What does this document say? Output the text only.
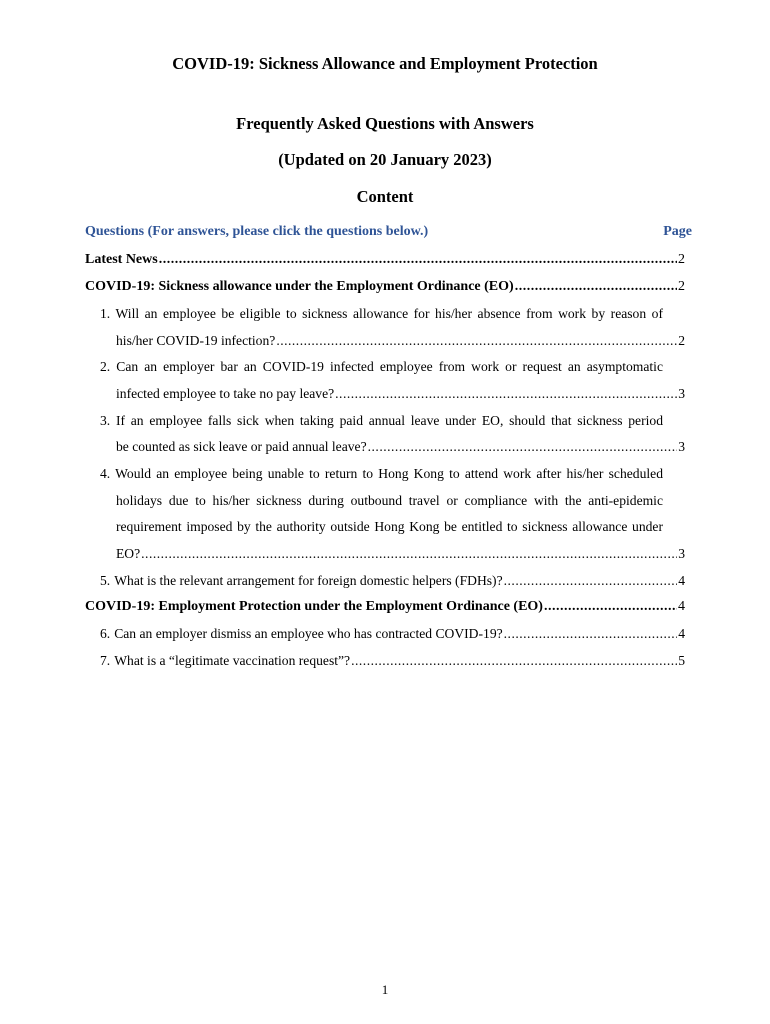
COVID-19: Sickness Allowance and Employment Protection
Frequently Asked Questions with Answers
(Updated on 20 January 2023)
Content
Questions (For answers, please click the questions below.)	Page
Latest News .....	2
COVID-19: Sickness allowance under the Employment Ordinance (EO) .....	2
1. Will an employee be eligible to sickness allowance for his/her absence from work by reason of
his/her COVID-19 infection? .....	2
2. Can an employer bar an COVID-19 infected employee from work or request an asymptomatic
infected employee to take no pay leave? .....	3
3. If an employee falls sick when taking paid annual leave under EO, should that sickness period
be counted as sick leave or paid annual leave? .....	3
4. Would an employee being unable to return to Hong Kong to attend work after his/her scheduled
holidays due to his/her sickness during outbound travel or compliance with the anti-epidemic
requirement imposed by the authority outside Hong Kong be entitled to sickness allowance under
EO? .....	3
5. What is the relevant arrangement for foreign domestic helpers (FDHs)? .....	4
COVID-19: Employment Protection under the Employment Ordinance (EO) .....	4
6. Can an employer dismiss an employee who has contracted COVID-19? .....	4
7. What is a “legitimate vaccination request”? .....	5
1
